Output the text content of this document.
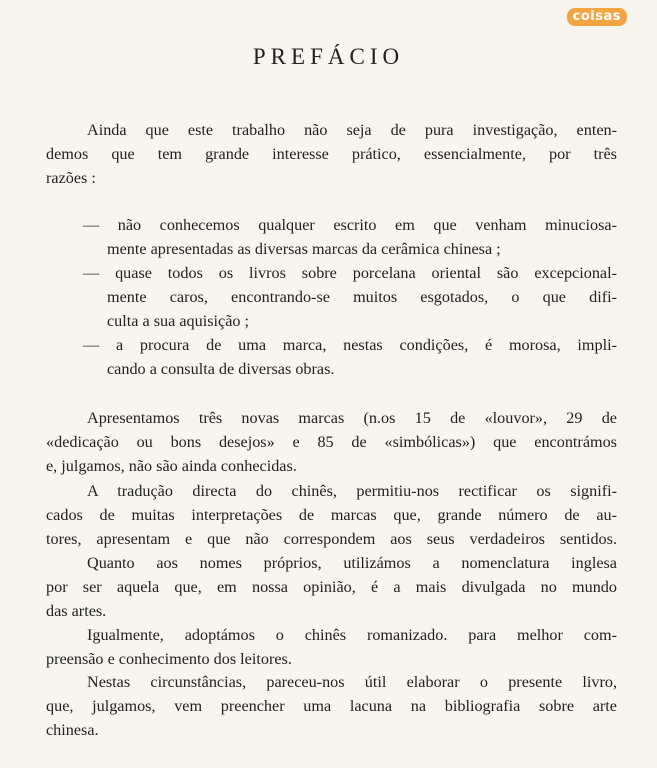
coisas
PREFÁCIO
Ainda que este trabalho não seja de pura investigação, enten-
demos que tem grande interesse prático, essencialmente, por três
razões :
— não conhecemos qualquer escrito em que venham minuciosa-
mente apresentadas as diversas marcas da cerâmica chinesa ;
— quase todos os livros sobre porcelana oriental são excepcional-
mente caros, encontrando-se muitos esgotados, o que difi-
culta a sua aquisição ;
— a procura de uma marca, nestas condições, é morosa, impli-
cando a consulta de diversas obras.
Apresentamos três novas marcas (n.os 15 de «louvor», 29 de
«dedicação ou bons desejos» e 85 de «simbólicas») que encontrámos
e, julgamos, não são ainda conhecidas.
A tradução directa do chinês, permitiu-nos rectificar os signifi-
cados de muitas interpretações de marcas que, grande número de au-
tores, apresentam e que não correspondem aos seus verdadeiros sentidos.
Quanto aos nomes próprios, utilizámos a nomenclatura inglesa
por ser aquela que, em nossa opinião, é a mais divulgada no mundo
das artes.
Igualmente, adoptámos o chinês romanizado. para melhor com-
preensão e conhecimento dos leitores.
Nestas circunstâncias, pareceu-nos útil elaborar o presente livro,
que, julgamos, vem preencher uma lacuna na bibliografia sobre arte
chinesa.
